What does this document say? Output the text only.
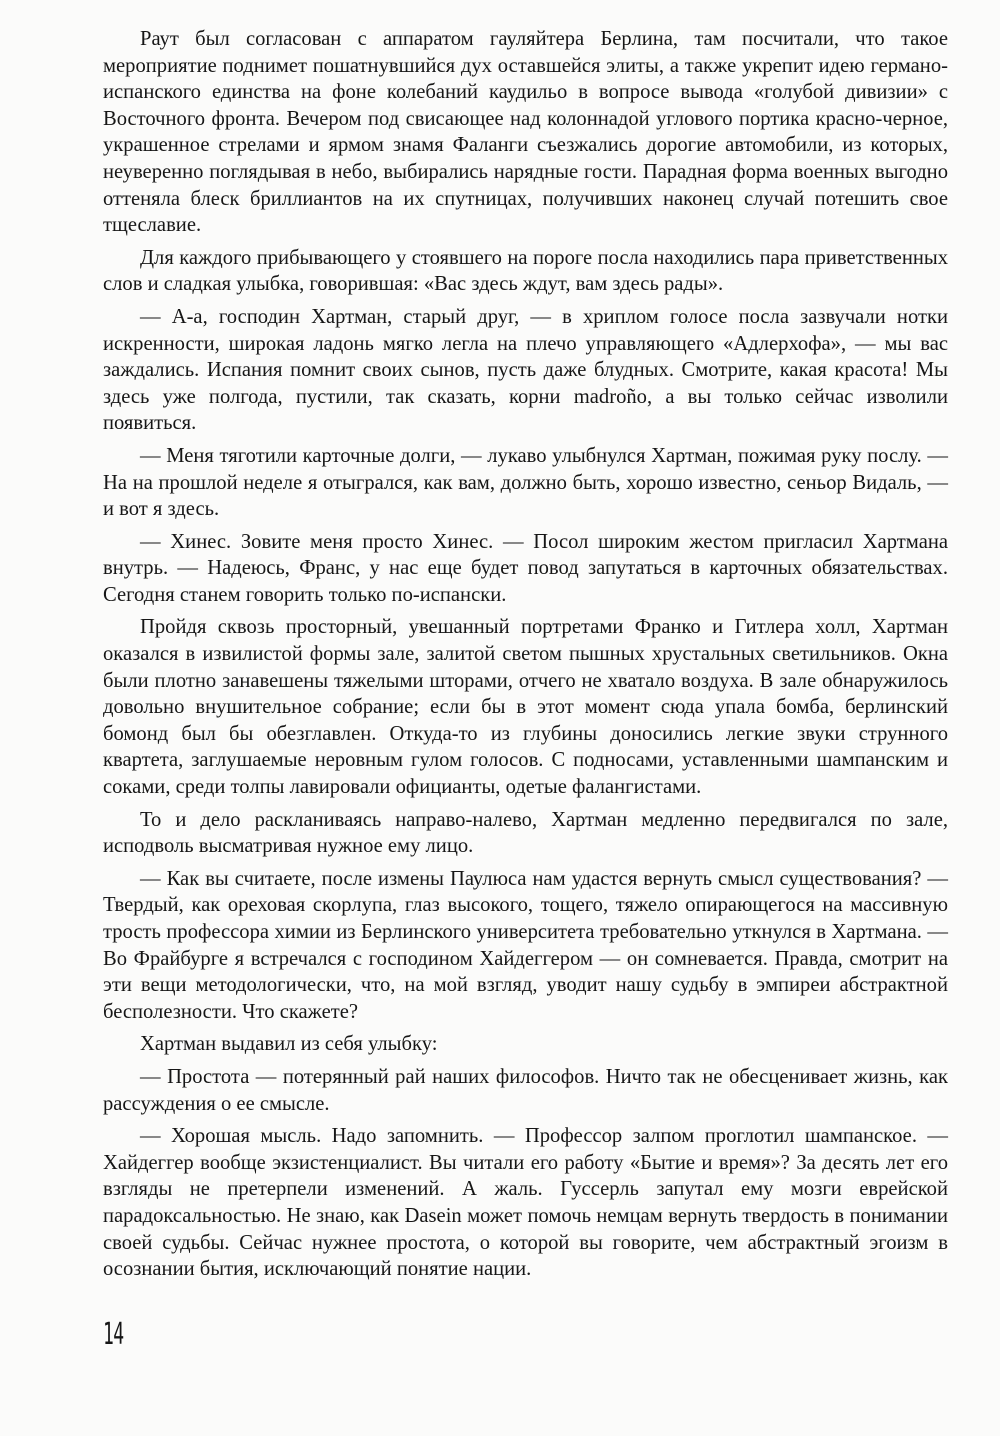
Раут был согласован с аппаратом гауляйтера Берлина, там посчитали, что такое мероприятие поднимет пошатнувшийся дух оставшейся элиты, а также укрепит идею германо-испанского единства на фоне колебаний каудильо в вопросе вывода «голубой дивизии» с Восточного фронта. Вечером под свисающее над колоннадой углового портика красно-черное, украшенное стрелами и ярмом знамя Фаланги съезжались дорогие автомобили, из которых, неуверенно поглядывая в небо, выбирались нарядные гости. Парадная форма военных выгодно оттеняла блеск бриллиантов на их спутницах, получивших наконец случай потешить свое тщеславие.

Для каждого прибывающего у стоявшего на пороге посла находились пара приветственных слов и сладкая улыбка, говорившая: «Вас здесь ждут, вам здесь рады».

— А-а, господин Хартман, старый друг, — в хриплом голосе посла зазвучали нотки искренности, широкая ладонь мягко легла на плечо управляющего «Адлерхофа», — мы вас заждались. Испания помнит своих сынов, пусть даже блудных. Смотрите, какая красота! Мы здесь уже полгода, пустили, так сказать, корни madroño, а вы только сейчас изволили появиться.

— Меня тяготили карточные долги, — лукаво улыбнулся Хартман, пожимая руку послу. — На на прошлой неделе я отыгрался, как вам, должно быть, хорошо известно, сеньор Видаль, — и вот я здесь.

— Хинес. Зовите меня просто Хинес. — Посол широким жестом пригласил Хартмана внутрь. — Надеюсь, Франс, у нас еще будет повод запутаться в карточных обязательствах. Сегодня станем говорить только по-испански.

Пройдя сквозь просторный, увешанный портретами Франко и Гитлера холл, Хартман оказался в извилистой формы зале, залитой светом пышных хрустальных светильников. Окна были плотно занавешены тяжелыми шторами, отчего не хватало воздуха. В зале обнаружилось довольно внушительное собрание; если бы в этот момент сюда упала бомба, берлинский бомонд был бы обезглавлен. Откуда-то из глубины доносились легкие звуки струнного квартета, заглушаемые неровным гулом голосов. С подносами, уставленными шампанским и соками, среди толпы лавировали официанты, одетые фалангистами.

То и дело раскланиваясь направо-налево, Хартман медленно передвигался по зале, исподволь высматривая нужное ему лицо.

— Как вы считаете, после измены Паулюса нам удастся вернуть смысл существования? — Твердый, как ореховая скорлупа, глаз высокого, тощего, тяжело опирающегося на массивную трость профессора химии из Берлинского университета требовательно уткнулся в Хартмана. — Во Фрайбурге я встречался с господином Хайдеггером — он сомневается. Правда, смотрит на эти вещи методологически, что, на мой взгляд, уводит нашу судьбу в эмпиреи абстрактной бесполезности. Что скажете?

Хартман выдавил из себя улыбку:

— Простота — потерянный рай наших философов. Ничто так не обесценивает жизнь, как рассуждения о ее смысле.

— Хорошая мысль. Надо запомнить. — Профессор залпом проглотил шампанское. — Хайдеггер вообще экзистенциалист. Вы читали его работу «Бытие и время»? За десять лет его взгляды не претерпели изменений. А жаль. Гуссерль запутал ему мозги еврейской парадоксальностью. Не знаю, как Dasein может помочь немцам вернуть твердость в понимании своей судьбы. Сейчас нужнее простота, о которой вы говорите, чем абстрактный эгоизм в осознании бытия, исключающий понятие нации.

14
